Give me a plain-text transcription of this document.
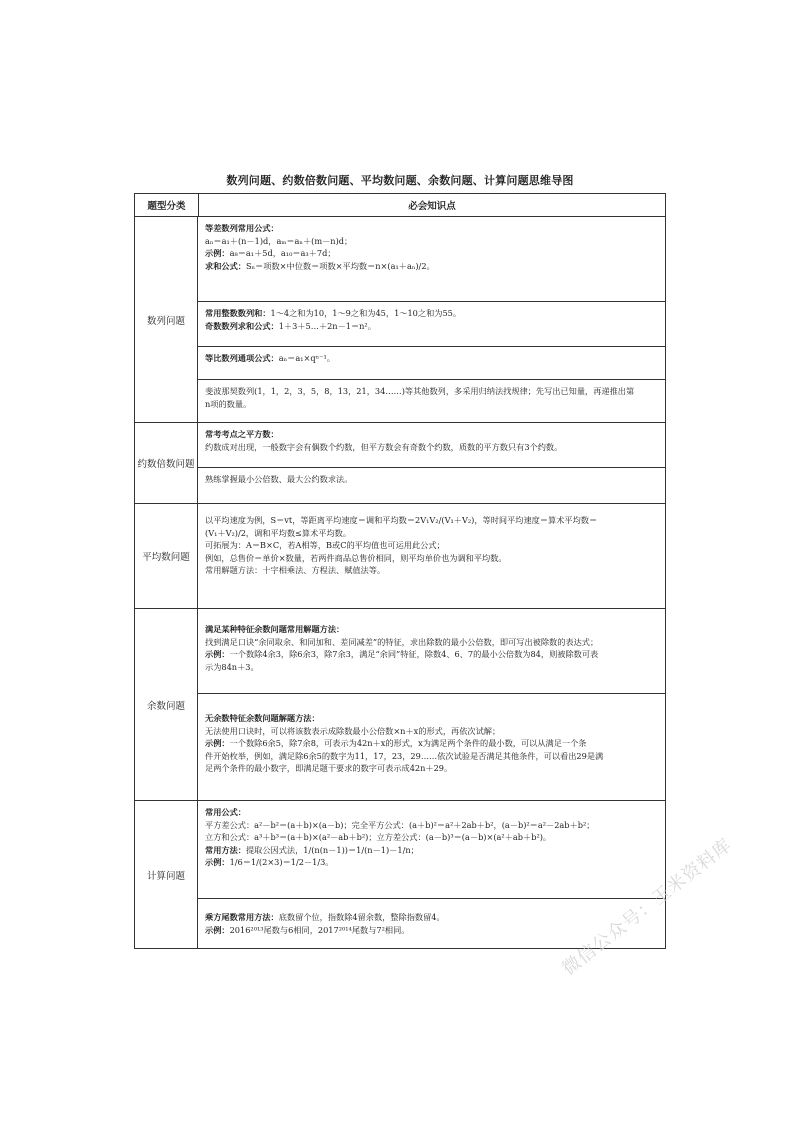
数列问题、约数倍数问题、平均数问题、余数问题、计算问题思维导图
题型分类	必会知识点
数列问题
等差数列常用公式：
aₙ＝a₁＋(n－1)d，aₘ＝aₙ＋(m－n)d；
示例：a₈＝a₁＋5d，a₁₀＝a₃＋7d；
求和公式：Sₙ＝项数×中位数＝项数×平均数＝n×(a₁＋aₙ)/2。
常用整数数列和：1～4之和为10，1～9之和为45，1～10之和为55。
奇数数列求和公式：1＋3＋5…＋2n－1＝n²。
等比数列通项公式：aₙ＝a₁×qⁿ⁻¹。
斐波那契数列(1，1，2，3，5，8，13，21，34……)等其他数列，多采用归纳法找规律；先写出已知量，再递推出第
n项的数量。
约数倍数问题
常考考点之平方数：
约数成对出现，一般数字会有偶数个约数，但平方数会有奇数个约数，质数的平方数只有3个约数。
熟练掌握最小公倍数、最大公约数求法。
平均数问题
以平均速度为例，S＝vt，等距离平均速度＝调和平均数＝2V₁V₂/(V₁＋V₂)，等时间平均速度＝算术平均数＝
(V₁＋V₂)/2，调和平均数≤算术平均数。
可拓展为：A＝B×C，若A相等，B或C的平均值也可运用此公式；
例如，总售价＝单价×数量，若两件商品总售价相同，则平均单价也为调和平均数。
常用解题方法：十字相乘法、方程法、赋值法等。
余数问题
满足某种特征余数问题常用解题方法：
找到满足口诀“余同取余、和同加和、差同减差”的特征，求出除数的最小公倍数，即可写出被除数的表达式；
示例：一个数除4余3，除6余3，除7余3，满足“余同”特征，除数4、6、7的最小公倍数为84，则被除数可表
示为84n＋3。
无余数特征余数问题解题方法：
无法使用口诀时，可以将该数表示成除数最小公倍数×n＋x的形式，再依次试解；
示例：一个数除6余5，除7余8，可表示为42n＋x的形式，x为满足两个条件的最小数，可以从满足一个条
件开始枚举，例如，满足除6余5的数字为11，17，23，29……依次试验是否满足其他条件，可以看出29是满
足两个条件的最小数字，即满足题干要求的数字可表示成42n＋29。
计算问题
常用公式：
平方差公式：a²－b²＝(a＋b)×(a－b)；完全平方公式：(a＋b)²＝a²＋2ab＋b²，(a－b)²＝a²－2ab＋b²；
立方和公式：a³＋b³＝(a＋b)×(a²－ab＋b²)；立方差公式：(a－b)³＝(a－b)×(a²＋ab＋b²)。
常用方法：提取公因式法，1/(n(n－1))＝1/(n－1)－1/n；
示例：1/6＝1/(2×3)＝1/2－1/3。
乘方尾数常用方法：底数留个位，指数除4留余数，整除指数留4。
示例：2016²⁰¹³尾数与6相同，2017²⁰¹⁴尾数与7²相同。	微信公众号：玉米资料库
